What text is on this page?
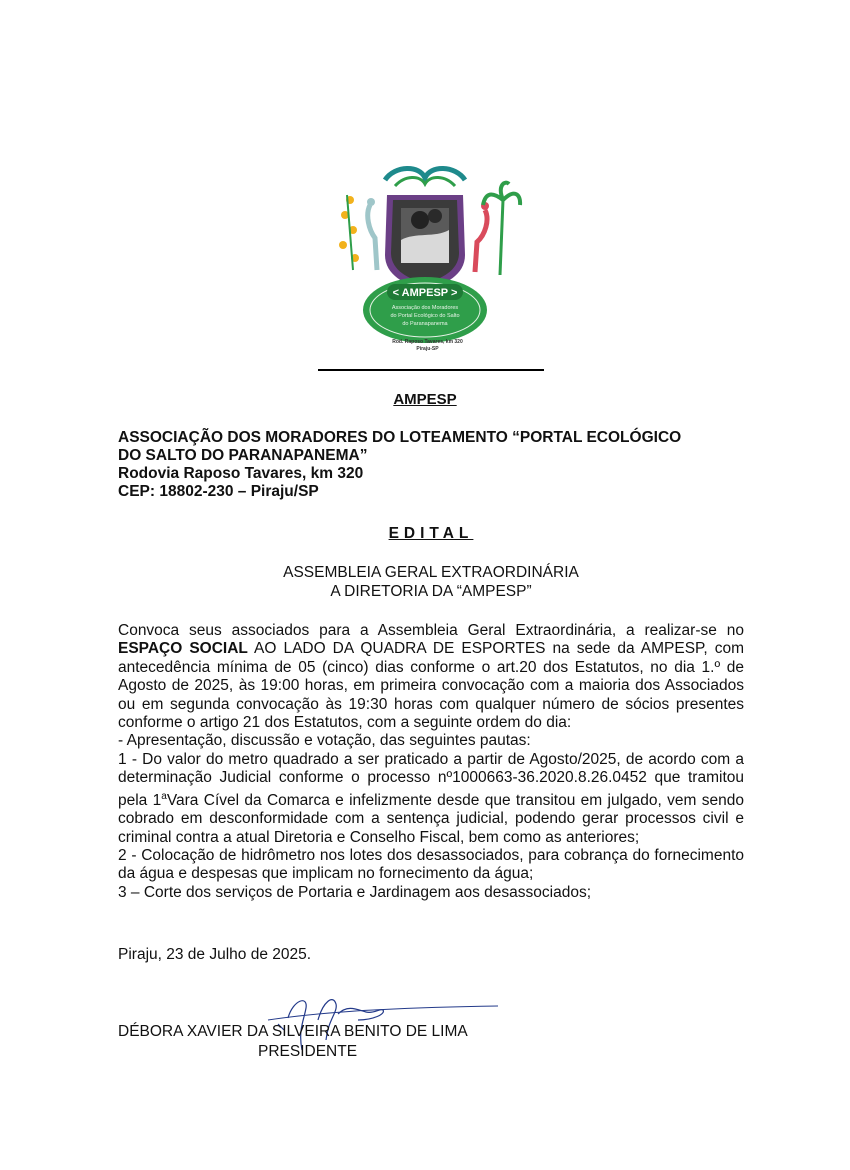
< AMPESP >
Associação dos Moradores
do Portal Ecológico do Salto
do Paranapanema
Rod. Raposo Tavares, km 320
Piraju-SP
AMPESP
ASSOCIAÇÃO DOS MORADORES DO LOTEAMENTO “PORTAL ECOLÓGICO
DO SALTO DO PARANAPANEMA”
Rodovia Raposo Tavares, km 320
CEP: 18802-230 – Piraju/SP
EDITAL
ASSEMBLEIA GERAL EXTRAORDINÁRIA
A DIRETORIA DA “AMPESP”

Convoca seus associados para a Assembleia Geral Extraordinária, a realizar-se no ESPAÇO SOCIAL AO LADO DA QUADRA DE ESPORTES na sede da AMPESP, com antecedência mínima de 05 (cinco) dias conforme o art.20 dos Estatutos, no dia 1.º de Agosto de 2025, às 19:00 horas, em primeira convocação com a maioria dos Associados ou em segunda convocação às 19:30 horas com qualquer número de sócios presentes conforme o artigo 21 dos Estatutos, com a seguinte ordem do dia:

- Apresentação, discussão e votação, das seguintes pautas:

1 - Do valor do metro quadrado a ser praticado a partir de Agosto/2025, de acordo com a determinação Judicial conforme o processo nº1000663-36.2020.8.26.0452 que tramitou pela 1$^a$Vara Cível da Comarca e infelizmente desde que transitou em julgado, vem sendo cobrado em desconformidade com a sentença judicial, podendo gerar processos civil e criminal contra a atual Diretoria e Conselho Fiscal, bem como as anteriores;

2 - Colocação de hidrômetro nos lotes dos desassociados, para cobrança do fornecimento da água e despesas que implicam no fornecimento da água;

3 – Corte dos serviços de Portaria e Jardinagem aos desassociados;

Piraju, 23 de Julho de 2025.
DÉBORA XAVIER DA SILVEIRA BENITO DE LIMA
PRESIDENTE
